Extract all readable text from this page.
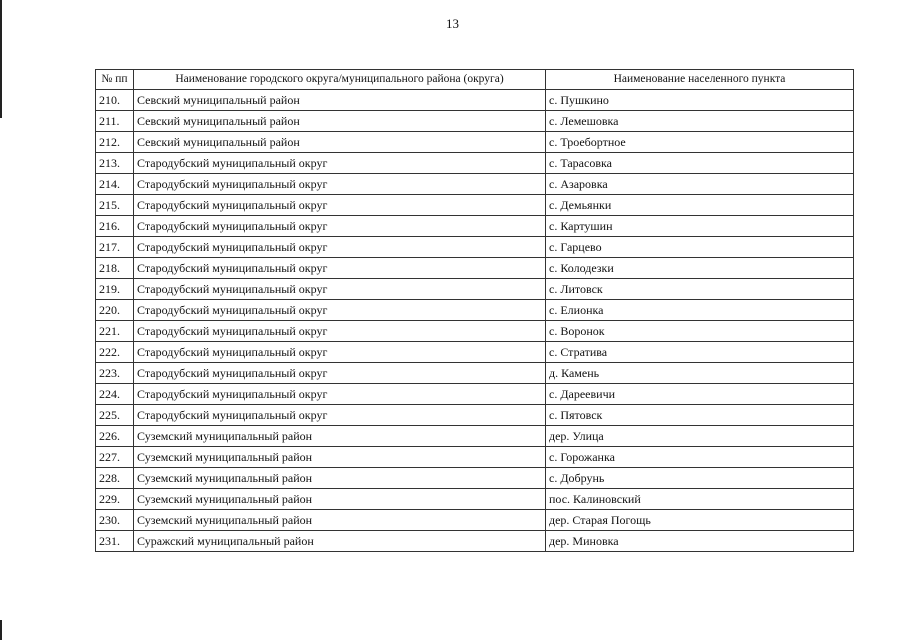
13
№ пп	Наименование городского округа/муниципального района (округа)	Наименование населенного пункта
210.	Севский муниципальный район	с. Пушкино
211.	Севский муниципальный район	с. Лемешовка
212.	Севский муниципальный район	с. Троебортное
213.	Стародубский муниципальный округ	с. Тарасовка
214.	Стародубский муниципальный округ	с. Азаровка
215.	Стародубский муниципальный округ	с. Демьянки
216.	Стародубский муниципальный округ	с. Картушин
217.	Стародубский муниципальный округ	с. Гарцево
218.	Стародубский муниципальный округ	с. Колодезки
219.	Стародубский муниципальный округ	с. Литовск
220.	Стародубский муниципальный округ	с. Елионка
221.	Стародубский муниципальный округ	с. Воронок
222.	Стародубский муниципальный округ	с. Стратива
223.	Стародубский муниципальный округ	д. Камень
224.	Стародубский муниципальный округ	с. Дареевичи
225.	Стародубский муниципальный округ	с. Пятовск
226.	Суземский муниципальный район	дер. Улица
227.	Суземский муниципальный район	с. Горожанка
228.	Суземский муниципальный район	с. Добрунь
229.	Суземский муниципальный район	пос. Калиновский
230.	Суземский муниципальный район	дер. Старая Погощь
231.	Суражский муниципальный район	дер. Миновка
